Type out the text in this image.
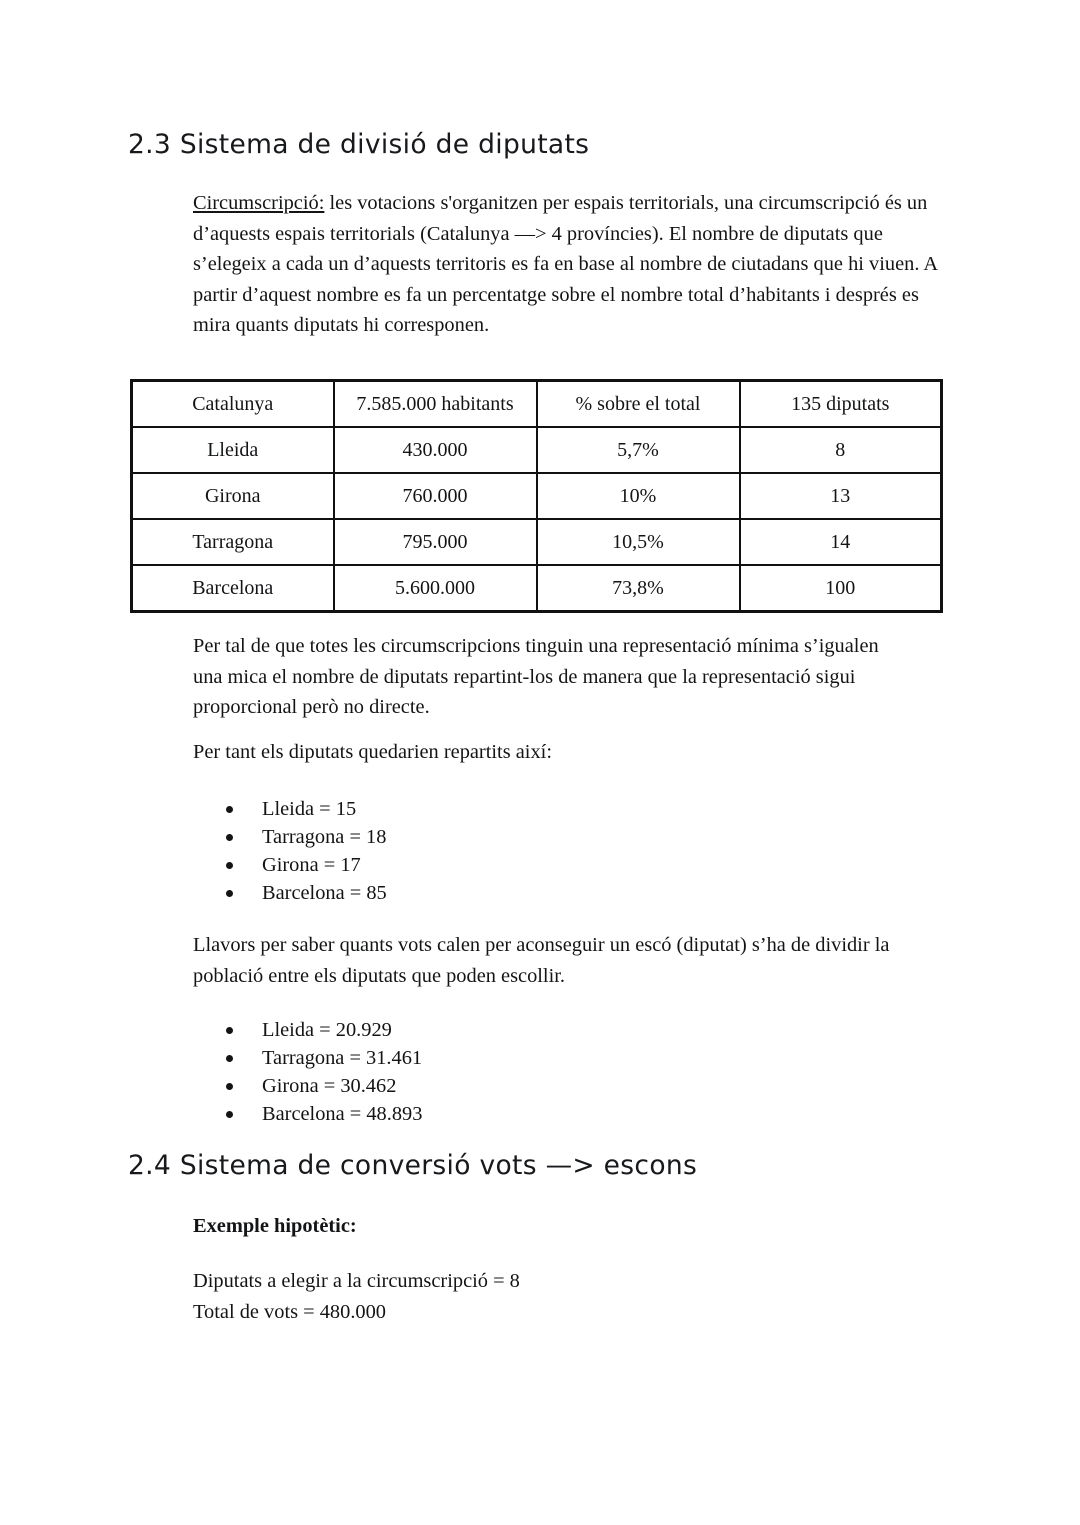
2.3 Sistema de divisió de diputats

Circumscripció: les votacions s'organitzen per espais territorials, una circumscripció és un d’aquests espais territorials (Catalunya —> 4 províncies). El nombre de diputats que s’elegeix a cada un d’aquests territoris es fa en base al nombre de ciutadans que hi viuen. A partir d’aquest nombre es fa un percentatge sobre el nombre total d’habitants i després es mira quants diputats hi corresponen.

Catalunya	7.585.000 habitants	% sobre el total	135 diputats
Lleida	430.000	5,7%	8
Girona	760.000	10%	13
Tarragona	795.000	10,5%	14
Barcelona	5.600.000	73,8%	100

Per tal de que totes les circumscripcions tinguin una representació mínima s’igualen una mica el nombre de diputats repartint-los de manera que la representació sigui proporcional però no directe.

Per tant els diputats quedarien repartits així:

Lleida = 15
Tarragona = 18
Girona = 17
Barcelona = 85

Llavors per saber quants vots calen per aconseguir un escó (diputat) s’ha de dividir la població entre els diputats que poden escollir.

Lleida = 20.929
Tarragona = 31.461
Girona = 30.462
Barcelona = 48.893
2.4 Sistema de conversió vots —> escons

Exemple hipotètic:

Diputats a elegir a la circumscripció = 8

Total de vots = 480.000
